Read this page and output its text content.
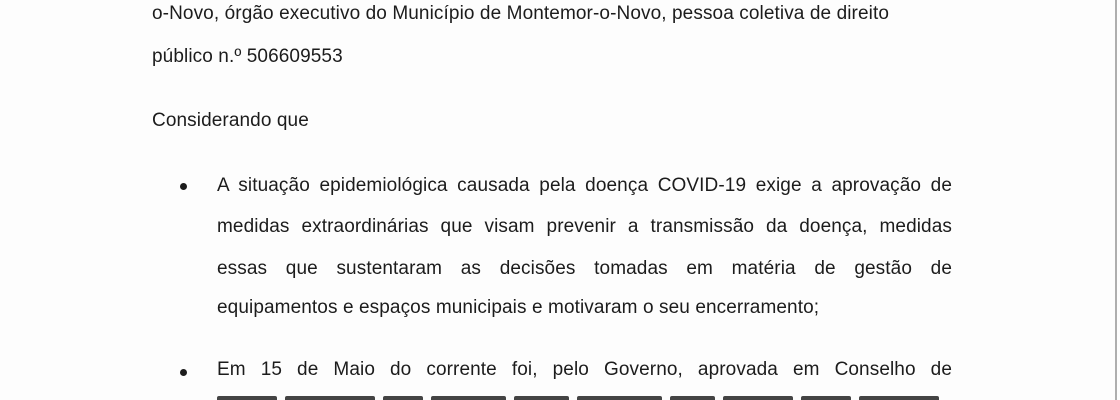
o-Novo, órgão executivo do Município de Montemor-o-Novo, pessoa coletiva de direito
público n.º 506609553
Considerando que
A situação epidemiológica causada pela doença COVID-19 exige a aprovação de
medidas extraordinárias que visam prevenir a transmissão da doença, medidas
essas que sustentaram as decisões tomadas em matéria de gestão de
equipamentos e espaços municipais e motivaram o seu encerramento;
Em 15 de Maio do corrente foi, pelo Governo, aprovada em Conselho de
